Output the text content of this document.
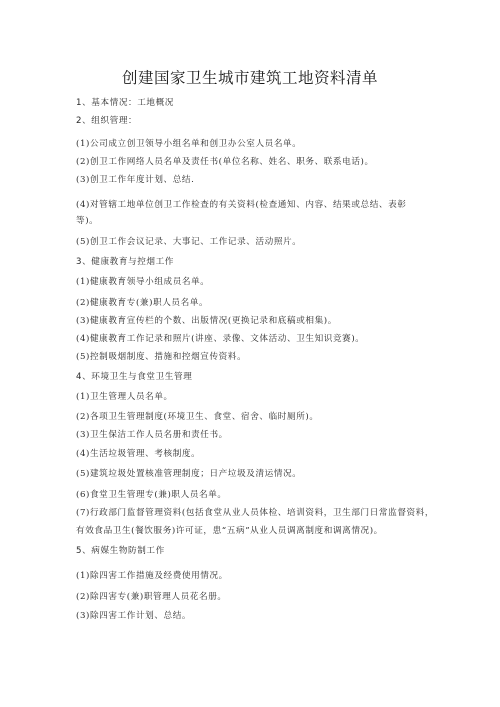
创建国家卫生城市建筑工地资料清单
1、基本情况：工地概况
2、组织管理：
(1)公司成立创卫领导小组名单和创卫办公室人员名单。
(2)创卫工作网络人员名单及责任书(单位名称、姓名、职务、联系电话)。
(3)创卫工作年度计划、总结.
(4)对管辖工地单位创卫工作检查的有关资料(检查通知、内容、结果或总结、表彰
等)。
(5)创卫工作会议记录、大事记、工作记录、活动照片。
3、健康教育与控烟工作
(1)健康教育领导小组成员名单。
(2)健康教育专(兼)职人员名单。
(3)健康教育宣传栏的个数、出版情况(更换记录和底稿或相集)。
(4)健康教育工作记录和照片(讲座、录像、文体活动、卫生知识竞赛)。
(5)控制吸烟制度、措施和控烟宣传资料。
4、环境卫生与食堂卫生管理
(1)卫生管理人员名单。
(2)各项卫生管理制度(环境卫生、食堂、宿舍、临时厕所)。
(3)卫生保洁工作人员名册和责任书。
(4)生活垃圾管理、考核制度。
(5)建筑垃圾处置核准管理制度；日产垃圾及清运情况。
(6)食堂卫生管理专(兼)职人员名单。
(7)行政部门监督管理资料(包括食堂从业人员体检、培训资料，卫生部门日常监督资料，
有效食品卫生(餐饮服务)许可证，患“五病”从业人员调离制度和调离情况)。
5、病媒生物防制工作
(1)除四害工作措施及经费使用情况。
(2)除四害专(兼)职管理人员花名册。
(3)除四害工作计划、总结。
